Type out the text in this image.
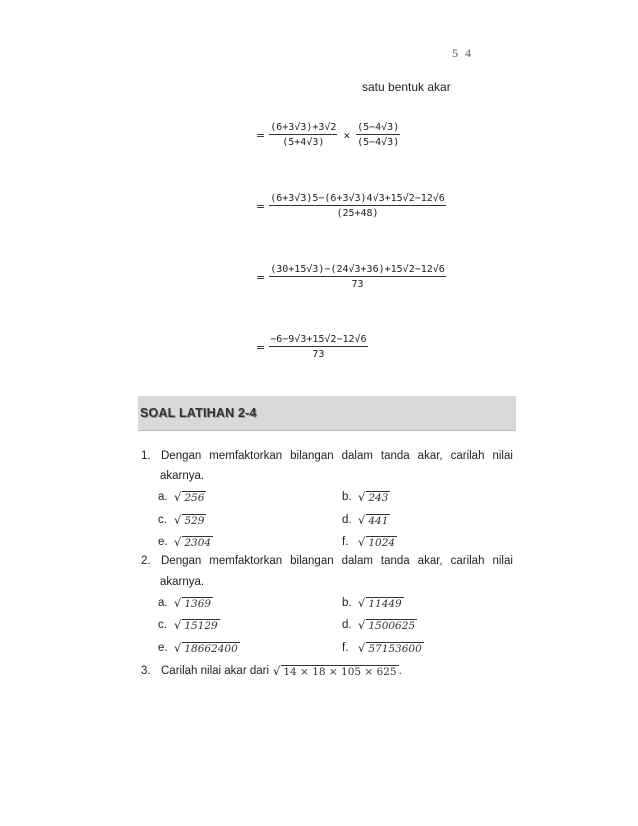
5 4
satu bentuk akar
= $\frac{(6+3√3)+3√2}{(5+4√3)} \times \frac{(5-4√3)}{(5-4√3)}$
= $\frac{(6+3√3)5-(6+3√3)4√3+15√2-12√6}{(25+48)}$
= $\frac{(30+15√3)-(24√3+36)+15√2-12√6}{73}$
= $\frac{-6-9√3+15√2-12√6}{73}$
SOAL LATIHAN 2-4
1. Dengan memfaktorkan bilangan dalam tanda akar, carilah nilai
akarnya.
a. √ 256	b. √ 243
c. √ 529	d. √ 441
e. √ 2304	f. √ 1024
2. Dengan memfaktorkan bilangan dalam tanda akar, carilah nilai
akarnya.
a. √ 1369	b. √ 11449
c. √ 15129	d. √ 1500625
e. √ 18662400	f. √ 57153600
3. Carilah nilai akar dari √ 14 × 18 × 105 × 625 .
